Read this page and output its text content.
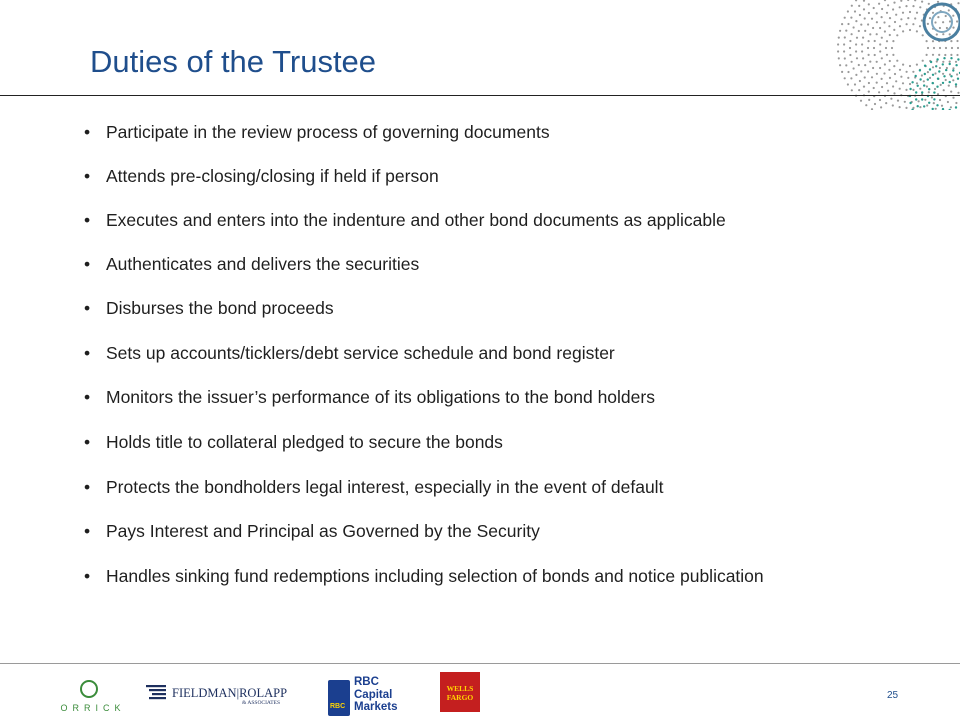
Duties of the Trustee
• Participate in the review process of governing documents
• Attends pre-closing/closing if held if person
• Executes and enters into the indenture and other bond documents as applicable
• Authenticates and delivers the securities
• Disburses the bond proceeds
• Sets up accounts/ticklers/debt service schedule and bond register
• Monitors the issuer’s performance of its obligations to the bond holders
• Holds title to collateral pledged to secure the bonds
• Protects the bondholders legal interest, especially in the event of default
• Pays Interest and Principal as Governed by the Security
• Handles sinking fund redemptions including selection of bonds and notice publication
ORRICK
FIELDMAN|ROLAPP
& ASSOCIATES	RBC
RBC
Capital
Markets
WELLS
FARGO	25
